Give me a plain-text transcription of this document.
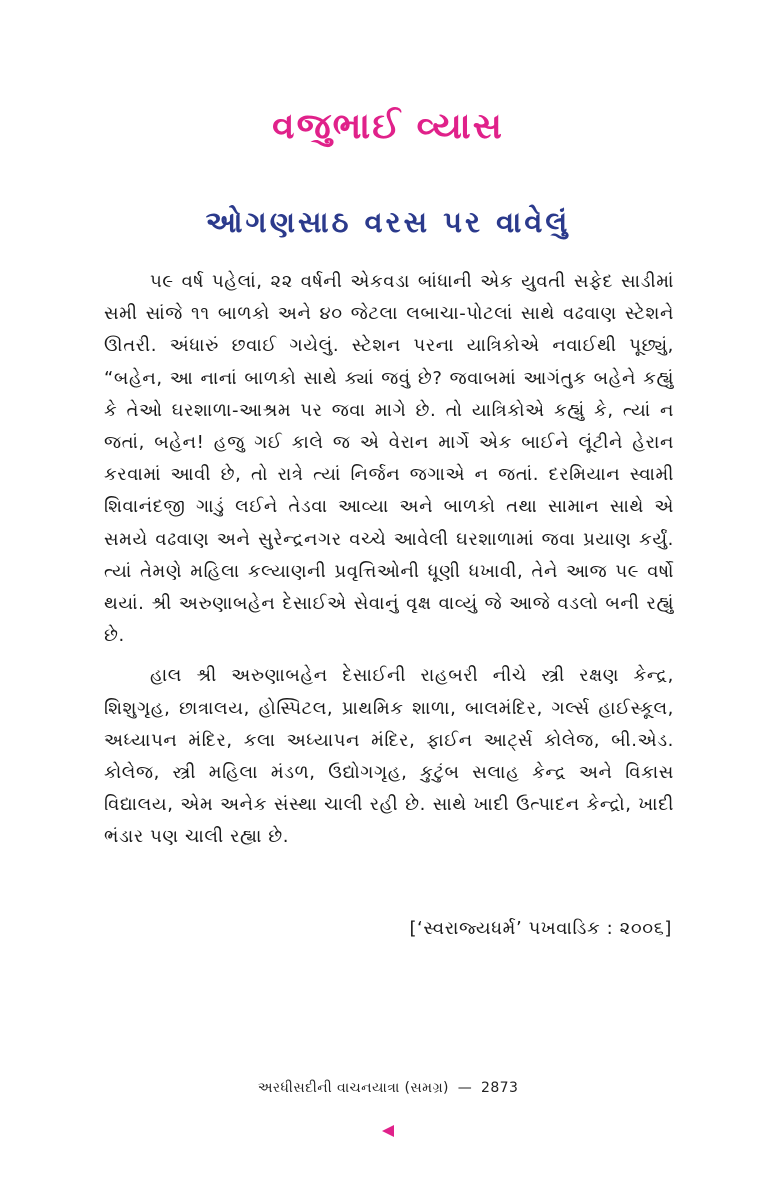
વજુભાઈ વ્યાસ
ઓગણસાઠ વરસ પર વાવેલું

૫૯ વર્ષ પહેલાં, ૨૨ વર્ષની એકવડા બાંધાની એક યુવતી સફેદ સાડીમાં સમી સાંજે ૧૧ બાળકો અને ૪૦ જેટલા લબાચા-પોટલાં સાથે વઢવાણ સ્ટેશને ઊતરી. અંધારું છવાઈ ગયેલું. સ્ટેશન પરના યાત્રિકોએ નવાઈથી પૂછ્યું, “બહેન, આ નાનાં બાળકો સાથે ક્યાં જવું છે? જવાબમાં આગંતુક બહેને કહ્યું કે તેઓ ઘરશાળા-આશ્રમ પર જવા માગે છે. તો યાત્રિકોએ કહ્યું કે, ત્યાં ન જતાં, બહેન! હજુ ગઈ કાલે જ એ વેરાન માર્ગે એક બાઈને લૂંટીને હેરાન કરવામાં આવી છે, તો રાત્રે ત્યાં નિર્જન જગાએ ન જતાં. દરમિયાન સ્વામી શિવાનંદજી ગાડું લઈને તેડવા આવ્યા અને બાળકો તથા સામાન સાથે એ સમયે વઢવાણ અને સુરેન્દ્રનગર વચ્ચે આવેલી ઘરશાળામાં જવા પ્રયાણ કર્યું. ત્યાં તેમણે મહિલા કલ્યાણની પ્રવૃત્તિઓની ધૂણી ધખાવી, તેને આજ ૫૯ વર્ષો થયાં. શ્રી અરુણાબહેન દેસાઈએ સેવાનું વૃક્ષ વાવ્યું જે આજે વડલો બની રહ્યું છે.

હાલ શ્રી અરુણાબહેન દેસાઈની રાહબરી નીચે સ્ત્રી રક્ષણ કેન્દ્ર, શિશુગૃહ, છાત્રાલય, હોસ્પિટલ, પ્રાથમિક શાળા, બાલમંદિર, ગર્લ્સ હાઈસ્કૂલ, અધ્યાપન મંદિર, કલા અધ્યાપન મંદિર, ફાઈન આર્ટ્સ કોલેજ, બી.એડ. કોલેજ, સ્ત્રી મહિલા મંડળ, ઉદ્યોગગૃહ, કુટુંબ સલાહ કેન્દ્ર અને વિકાસ વિદ્યાલય, એમ અનેક સંસ્થા ચાલી રહી છે. સાથે ખાદી ઉત્પાદન કેન્દ્રો, ખાદી ભંડાર પણ ચાલી રહ્યા છે.

[‘સ્વરાજ્યધર્મ’ પખવાડિક : ૨૦૦૬]
અરધીસદીની વાચનયાત્રા (સમગ્ર) — 2873
